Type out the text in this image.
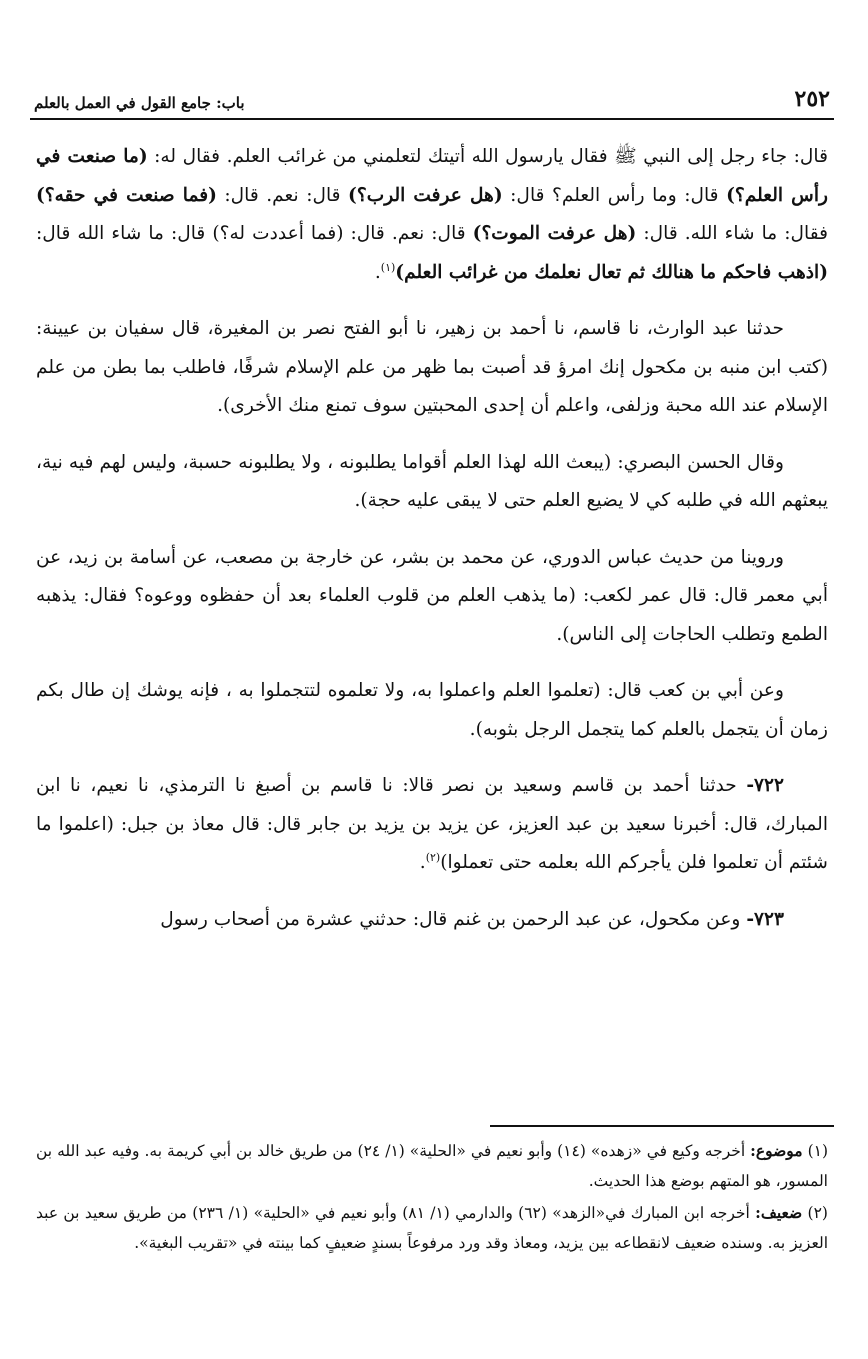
٢٥٢
باب: جامع القول في العمل بالعلم

قال: جاء رجل إلى النبي ﷺ فقال يارسول الله أتيتك لتعلمني من غرائب العلم. فقال له: (ما صنعت في رأس العلم؟) قال: وما رأس العلم؟ قال: (هل عرفت الرب؟) قال: نعم. قال: (فما صنعت في حقه؟) فقال: ما شاء الله. قال: (هل عرفت الموت؟) قال: نعم. قال: (فما أعددت له؟) قال: ما شاء الله قال: (اذهب فاحكم ما هنالك ثم تعال نعلمك من غرائب العلم)$^{(١)}$.

حدثنا عبد الوارث، نا قاسم، نا أحمد بن زهير، نا أبو الفتح نصر بن المغيرة، قال سفيان بن عيينة: (كتب ابن منبه بن مكحول إنك امرؤ قد أصبت بما ظهر من علم الإسلام شرفًا، فاطلب بما بطن من علم الإسلام عند الله محبة وزلفى، واعلم أن إحدى المحبتين سوف تمنع منك الأخرى).

وقال الحسن البصري: (يبعث الله لهذا العلم أقواما يطلبونه ، ولا يطلبونه حسبة، وليس لهم فيه نية، يبعثهم الله في طلبه كي لا يضيع العلم حتى لا يبقى عليه حجة).

وروينا من حديث عباس الدوري، عن محمد بن بشر، عن خارجة بن مصعب، عن أسامة بن زيد، عن أبي معمر قال: قال عمر لكعب: (ما يذهب العلم من قلوب العلماء بعد أن حفظوه ووعوه؟ فقال: يذهبه الطمع وتطلب الحاجات إلى الناس).

وعن أبي بن كعب قال: (تعلموا العلم واعملوا به، ولا تعلموه لتتجملوا به ، فإنه يوشك إن طال بكم زمان أن يتجمل بالعلم كما يتجمل الرجل بثوبه).

٧٢٢- حدثنا أحمد بن قاسم وسعيد بن نصر قالا: نا قاسم بن أصبغ نا الترمذي، نا نعيم، نا ابن المبارك، قال: أخبرنا سعيد بن عبد العزيز، عن يزيد بن يزيد بن جابر قال: قال معاذ بن جبل: (اعلموا ما شئتم أن تعلموا فلن يأجركم الله بعلمه حتى تعملوا)$^{(٢)}$.

٧٢٣- وعن مكحول، عن عبد الرحمن بن غنم قال: حدثني عشرة من أصحاب رسول

(١) موضوع: أخرجه وكيع في «زهده» (١٤) وأبو نعيم في «الحلية» (١/ ٢٤) من طريق خالد بن أبي كريمة به. وفيه عبد الله بن المسور، هو المتهم بوضع هذا الحديث.

(٢) ضعيف: أخرجه ابن المبارك في«الزهد» (٦٢) والدارمي (١/ ٨١) وأبو نعيم في «الحلية» (١/ ٢٣٦) من طريق سعيد بن عبد العزيز به. وسنده ضعيف لانقطاعه بين يزيد، ومعاذ وقد ورد مرفوعاً بسندٍ ضعيفٍ كما بينته في «تقريب البغية».
